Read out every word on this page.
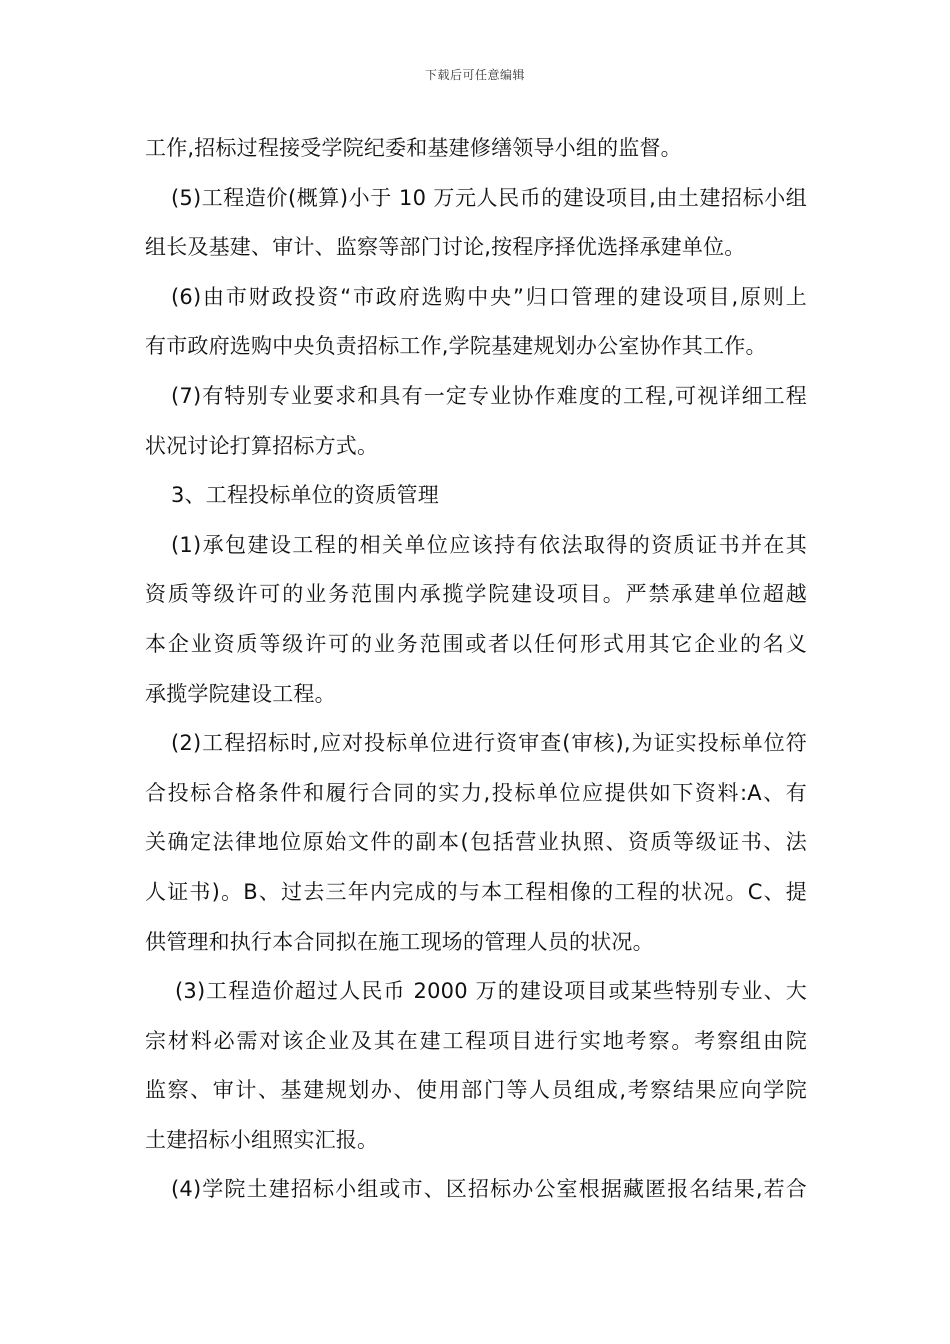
下载后可任意编辑
工作,招标过程接受学院纪委和基建修缮领导小组的监督。
(5)工程造价(概算)小于 10 万元人民币的建设项目,由土建招标小组
组长及基建、审计、监察等部门讨论,按程序择优选择承建单位。
(6)由市财政投资“市政府选购中央”归口管理的建设项目,原则上
有市政府选购中央负责招标工作,学院基建规划办公室协作其工作。
(7)有特别专业要求和具有一定专业协作难度的工程,可视详细工程
状况讨论打算招标方式。
3、工程投标单位的资质管理
(1)承包建设工程的相关单位应该持有依法取得的资质证书并在其
资质等级许可的业务范围内承揽学院建设项目。严禁承建单位超越
本企业资质等级许可的业务范围或者以任何形式用其它企业的名义
承揽学院建设工程。
(2)工程招标时,应对投标单位进行资审查(审核),为证实投标单位符
合投标合格条件和履行合同的实力,投标单位应提供如下资料:A、有
关确定法律地位原始文件的副本(包括营业执照、资质等级证书、法
人证书)。B、过去三年内完成的与本工程相像的工程的状况。C、提
供管理和执行本合同拟在施工现场的管理人员的状况。
(3)工程造价超过人民币 2000 万的建设项目或某些特别专业、大
宗材料必需对该企业及其在建工程项目进行实地考察。考察组由院
监察、审计、基建规划办、使用部门等人员组成,考察结果应向学院
土建招标小组照实汇报。
(4)学院土建招标小组或市、区招标办公室根据藏匿报名结果,若合
